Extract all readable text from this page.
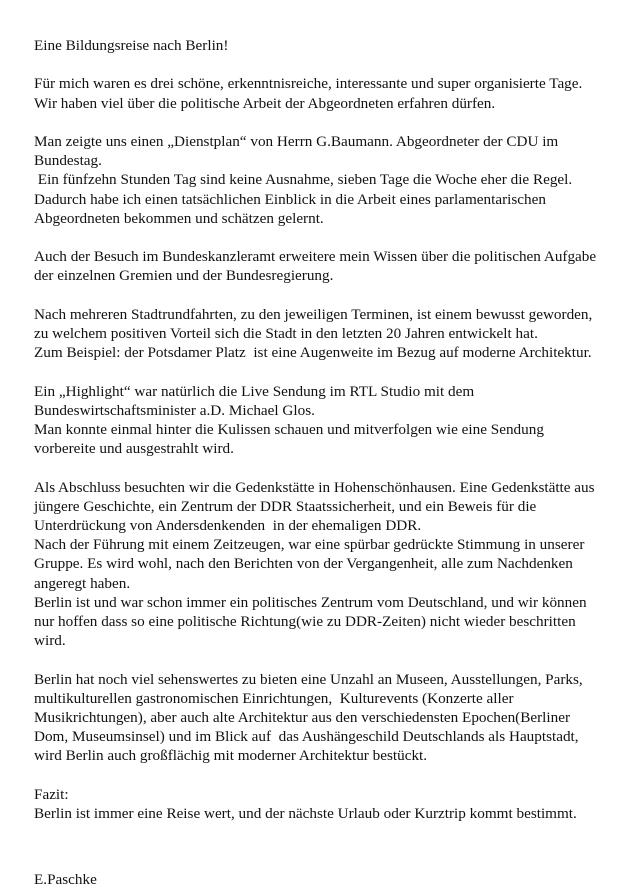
Eine Bildungsreise nach Berlin!
Für mich waren es drei schöne, erkenntnisreiche, interessante und super organisierte Tage.
Wir haben viel über die politische Arbeit der Abgeordneten erfahren dürfen.
Man zeigte uns einen „Dienstplan“ von Herrn G.Baumann. Abgeordneter der CDU im
Bundestag.
Ein fünfzehn Stunden Tag sind keine Ausnahme, sieben Tage die Woche eher die Regel.
Dadurch habe ich einen tatsächlichen Einblick in die Arbeit eines parlamentarischen
Abgeordneten bekommen und schätzen gelernt.
Auch der Besuch im Bundeskanzleramt erweitere mein Wissen über die politischen Aufgabe
der einzelnen Gremien und der Bundesregierung.
Nach mehreren Stadtrundfahrten, zu den jeweiligen Terminen, ist einem bewusst geworden,
zu welchem positiven Vorteil sich die Stadt in den letzten 20 Jahren entwickelt hat.
Zum Beispiel: der Potsdamer Platz  ist eine Augenweite im Bezug auf moderne Architektur.
Ein „Highlight“ war natürlich die Live Sendung im RTL Studio mit dem
Bundeswirtschaftsminister a.D. Michael Glos.
Man konnte einmal hinter die Kulissen schauen und mitverfolgen wie eine Sendung
vorbereite und ausgestrahlt wird.
Als Abschluss besuchten wir die Gedenkstätte in Hohenschönhausen. Eine Gedenkstätte aus
jüngere Geschichte, ein Zentrum der DDR Staatssicherheit, und ein Beweis für die
Unterdrückung von Andersdenkenden  in der ehemaligen DDR.
Nach der Führung mit einem Zeitzeugen, war eine spürbar gedrückte Stimmung in unserer
Gruppe. Es wird wohl, nach den Berichten von der Vergangenheit, alle zum Nachdenken
angeregt haben.
Berlin ist und war schon immer ein politisches Zentrum vom Deutschland, und wir können
nur hoffen dass so eine politische Richtung(wie zu DDR-Zeiten) nicht wieder beschritten
wird.
Berlin hat noch viel sehenswertes zu bieten eine Unzahl an Museen, Ausstellungen, Parks,
multikulturellen gastronomischen Einrichtungen,  Kulturevents (Konzerte aller
Musikrichtungen), aber auch alte Architektur aus den verschiedensten Epochen(Berliner
Dom, Museumsinsel) und im Blick auf  das Aushängeschild Deutschlands als Hauptstadt,
wird Berlin auch großflächig mit moderner Architektur bestückt.
Fazit:
Berlin ist immer eine Reise wert, und der nächste Urlaub oder Kurztrip kommt bestimmt.
E.Paschke
